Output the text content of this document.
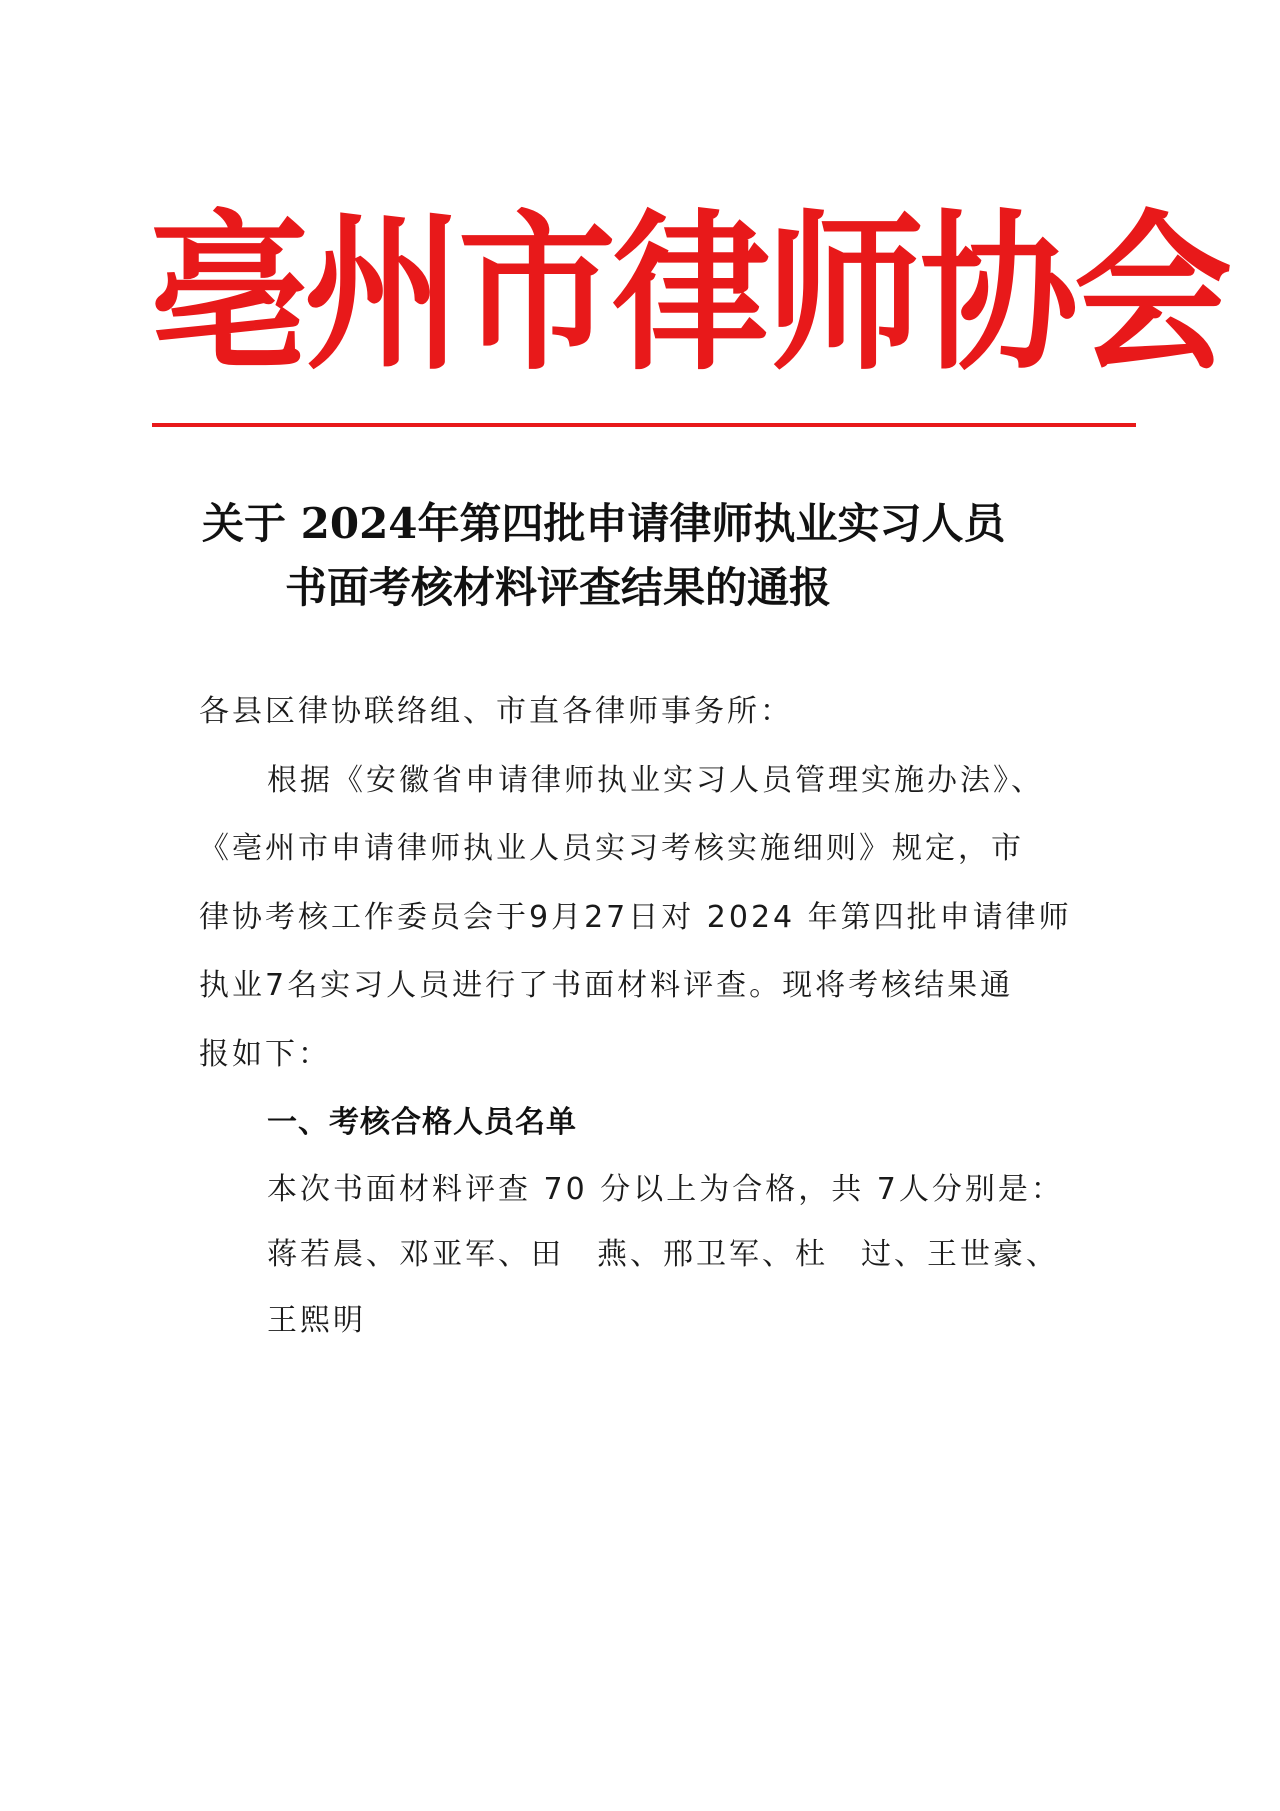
亳州市律师协会
关于 2024年第四批申请律师执业实习人员
书面考核材料评查结果的通报
各县区律协联络组、市直各律师事务所：
根据《安徽省申请律师执业实习人员管理实施办法》、
《亳州市申请律师执业人员实习考核实施细则》规定，市
律协考核工作委员会于9月27日对 2024 年第四批申请律师
执业7名实习人员进行了书面材料评查。现将考核结果通
报如下：
一、考核合格人员名单
本次书面材料评查 70 分以上为合格，共 7人分别是：
蒋若晨、邓亚军、田　燕、邢卫军、杜　过、王世豪、
王熙明
